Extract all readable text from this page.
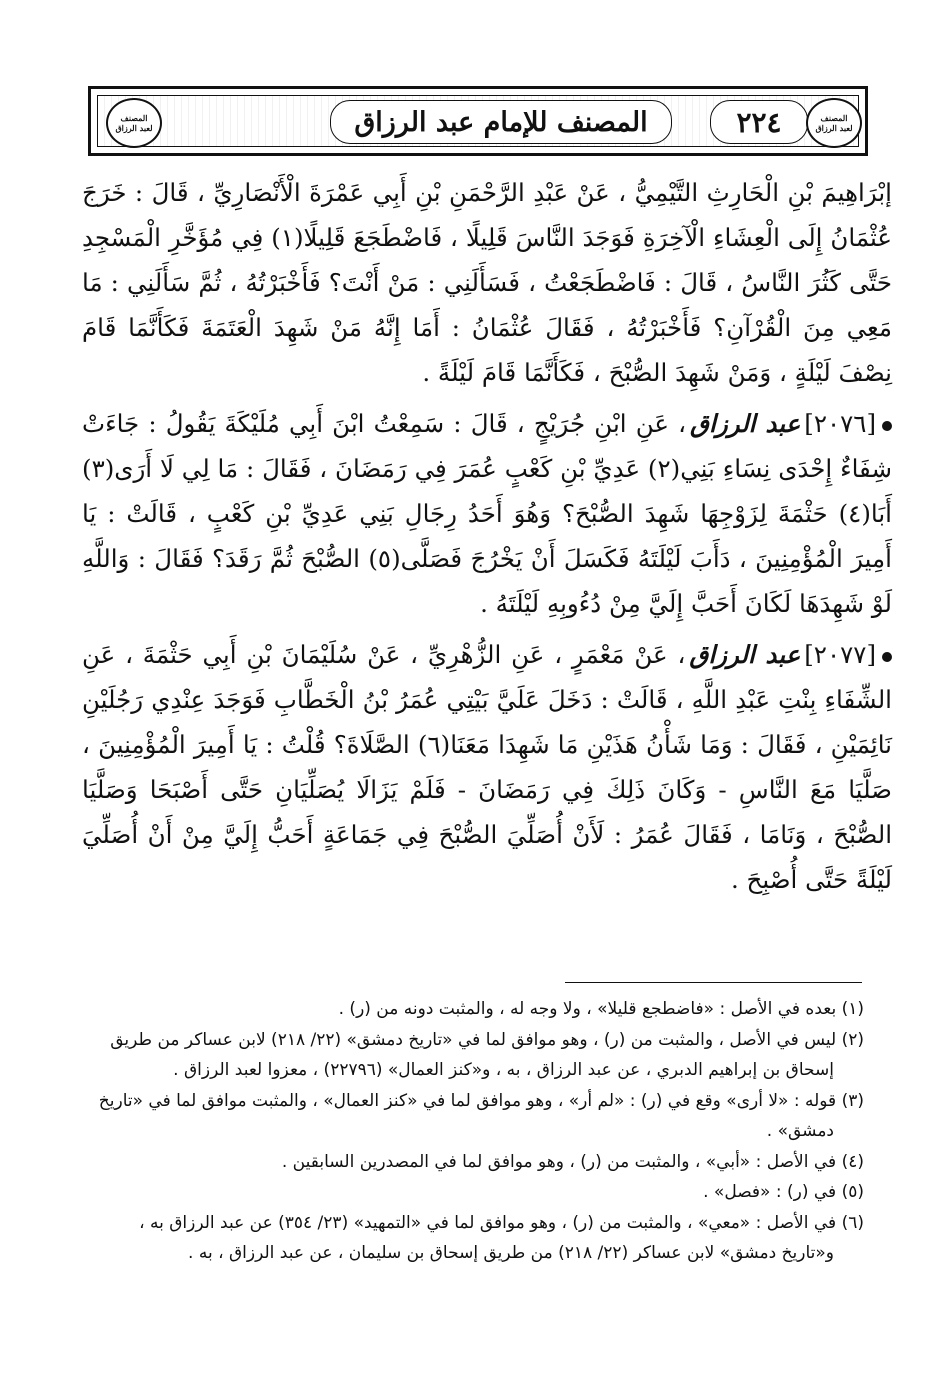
المصنف لعبد الرزاق	المصنف للإمام عبد الرزاق	٢٢٤	المصنف لعبد الرزاق

إبْرَاهِيمَ بْنِ الْحَارِثِ التَّيْمِيُّ ، عَنْ عَبْدِ الرَّحْمَنِ بْنِ أَبِي عَمْرَةَ الْأَنْصَارِيِّ ، قَالَ : خَرَجَ عُثْمَانُ إِلَى الْعِشَاءِ الْآخِرَةِ فَوَجَدَ النَّاسَ قَلِيلًا ، فَاضْطَجَعَ قَلِيلًا(١) فِي مُؤَخَّرِ الْمَسْجِدِ حَتَّى كَثُرَ النَّاسُ ، قَالَ : فَاضْطَجَعْتُ ، فَسَأَلَنِي : مَنْ أَنْتَ؟ فَأَخْبَرْتُهُ ، ثُمَّ سَأَلَنِي : مَا مَعِي مِنَ الْقُرْآنِ؟ فَأَخْبَرْتُهُ ، فَقَالَ عُثْمَانُ : أَمَا إِنَّهُ مَنْ شَهِدَ الْعَتَمَةَ فَكَأَنَّمَا قَامَ نِصْفَ لَيْلَةٍ ، وَمَنْ شَهِدَ الصُّبْحَ ، فَكَأَنَّمَا قَامَ لَيْلَةً .

[٢٠٧٦]عبد الرزاق، عَنِ ابْنِ جُرَيْجٍ ، قَالَ : سَمِعْتُ ابْنَ أَبِي مُلَيْكَةَ يَقُولُ : جَاءَتْ شِفَاءٌ إِحْدَى نِسَاءِ بَنِي(٢) عَدِيِّ بْنِ كَعْبٍ عُمَرَ فِي رَمَضَانَ ، فَقَالَ : مَا لِي لَا أَرَى(٣) أَبَا(٤) حَثْمَةَ لِزَوْجِهَا شَهِدَ الصُّبْحَ؟ وَهُوَ أَحَدُ رِجَالِ بَنِي عَدِيِّ بْنِ كَعْبٍ ، قَالَتْ : يَا أَمِيرَ الْمُؤْمِنِينَ ، دَأَبَ لَيْلَتَهُ فَكَسَلَ أَنْ يَخْرُجَ فَصَلَّى(٥) الصُّبْحَ ثُمَّ رَقَدَ؟ فَقَالَ : وَاللَّهِ لَوْ شَهِدَهَا لَكَانَ أَحَبَّ إِلَيَّ مِنْ دُءُوبِهِ لَيْلَتَهُ .

[٢٠٧٧]عبد الرزاق، عَنْ مَعْمَرٍ ، عَنِ الزُّهْرِيِّ ، عَنْ سُلَيْمَانَ بْنِ أَبِي حَثْمَةَ ، عَنِ الشِّفَاءِ بِنْتِ عَبْدِ اللَّهِ ، قَالَتْ : دَخَلَ عَلَيَّ بَيْتِي عُمَرُ بْنُ الْخَطَّابِ فَوَجَدَ عِنْدِي رَجُلَيْنِ نَائِمَيْنِ ، فَقَالَ : وَمَا شَأْنُ هَذَيْنِ مَا شَهِدَا مَعَنَا(٦) الصَّلَاةَ؟ قُلْتُ : يَا أَمِيرَ الْمُؤْمِنِينَ ، صَلَّيَا مَعَ النَّاسِ - وَكَانَ ذَلِكَ فِي رَمَضَانَ - فَلَمْ يَزَالَا يُصَلِّيَانِ حَتَّى أَصْبَحَا وَصَلَّيَا الصُّبْحَ ، وَنَامَا ، فَقَالَ عُمَرُ : لَأَنْ أُصَلِّيَ الصُّبْحَ فِي جَمَاعَةٍ أَحَبُّ إِلَيَّ مِنْ أَنْ أُصَلِّيَ لَيْلَةً حَتَّى أُصْبِحَ .

(١) بعده في الأصل : «فاضطجع قليلا» ، ولا وجه له ، والمثبت دونه من (ر) .

(٢) ليس في الأصل ، والمثبت من (ر) ، وهو موافق لما في «تاريخ دمشق» (٢٢/ ٢١٨) لابن عساكر من طريق

إسحاق بن إبراهيم الدبري ، عن عبد الرزاق ، به ، و«كنز العمال» (٢٢٧٩٦) ، معزوا لعبد الرزاق .

(٣) قوله : «لا أرى» وقع في (ر) : «لم أر» ، وهو موافق لما في «كنز العمال» ، والمثبت موافق لما في «تاريخ

دمشق» .

(٤) في الأصل : «أبي» ، والمثبت من (ر) ، وهو موافق لما في المصدرين السابقين .

(٥) في (ر) : «فصل» .

(٦) في الأصل : «معي» ، والمثبت من (ر) ، وهو موافق لما في «التمهيد» (٢٣/ ٣٥٤) عن عبد الرزاق به ،

و«تاريخ دمشق» لابن عساكر (٢٢/ ٢١٨) من طريق إسحاق بن سليمان ، عن عبد الرزاق ، به .
